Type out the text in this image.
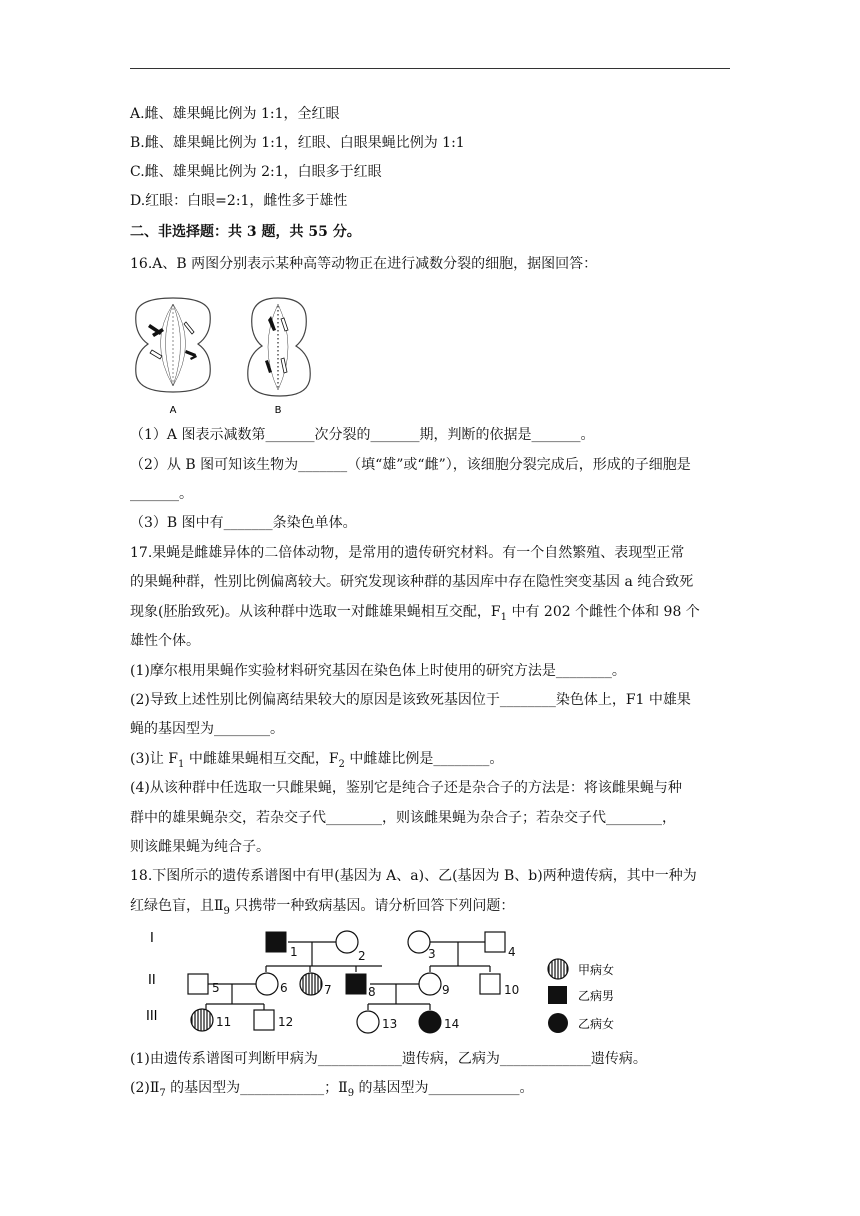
A.雌、雄果蝇比例为 1:1，全红眼
B.雌、雄果蝇比例为 1:1，红眼、白眼果蝇比例为 1:1
C.雌、雄果蝇比例为 2:1，白眼多于红眼
D.红眼：白眼=2:1，雌性多于雄性
二、非选择题：共 3 题，共 55 分。
16.A、B 两图分别表示某种高等动物正在进行减数分裂的细胞，据图回答：
A	B
（1）A 图表示减数第_______次分裂的_______期，判断的依据是_______。
（2）从 B 图可知该生物为_______（填“雄”或“雌”），该细胞分裂完成后，形成的子细胞是
_______。
（3）B 图中有_______条染色单体。
17.果蝇是雌雄异体的二倍体动物，是常用的遗传研究材料。有一个自然繁殖、表现型正常
的果蝇种群，性别比例偏离较大。研究发现该种群的基因库中存在隐性突变基因 a 纯合致死
现象(胚胎致死)。从该种群中选取一对雌雄果蝇相互交配，$F_1$ 中有 202 个雌性个体和 98 个
雄性个体。
(1)摩尔根用果蝇作实验材料研究基因在染色体上时使用的研究方法是________。
(2)导致上述性别比例偏离结果较大的原因是该致死基因位于________染色体上，F1 中雄果
蝇的基因型为________。
(3)让 $F_1$ 中雌雄果蝇相互交配，$F_2$ 中雌雄比例是________。
(4)从该种群中任选取一只雌果蝇，鉴别它是纯合子还是杂合子的方法是：将该雌果蝇与种
群中的雄果蝇杂交，若杂交子代________，则该雌果蝇为杂合子；若杂交子代________，
则该雌果蝇为纯合子。
18.下图所示的遗传系谱图中有甲(基因为 A、a)、乙(基因为 B、b)两种遗传病，其中一种为
红绿色盲，且$Ⅱ_9$ 只携带一种致病基因。请分析回答下列问题：
I
II
III
1	2	3	4
5	6	7	8	9	10
11	12	13	14
甲病女
乙病男
乙病女
(1)由遗传系谱图可判断甲病为____________遗传病，乙病为_____________遗传病。
$(2)Ⅱ_7$ 的基因型为____________；$Ⅱ_9$ 的基因型为_____________。
